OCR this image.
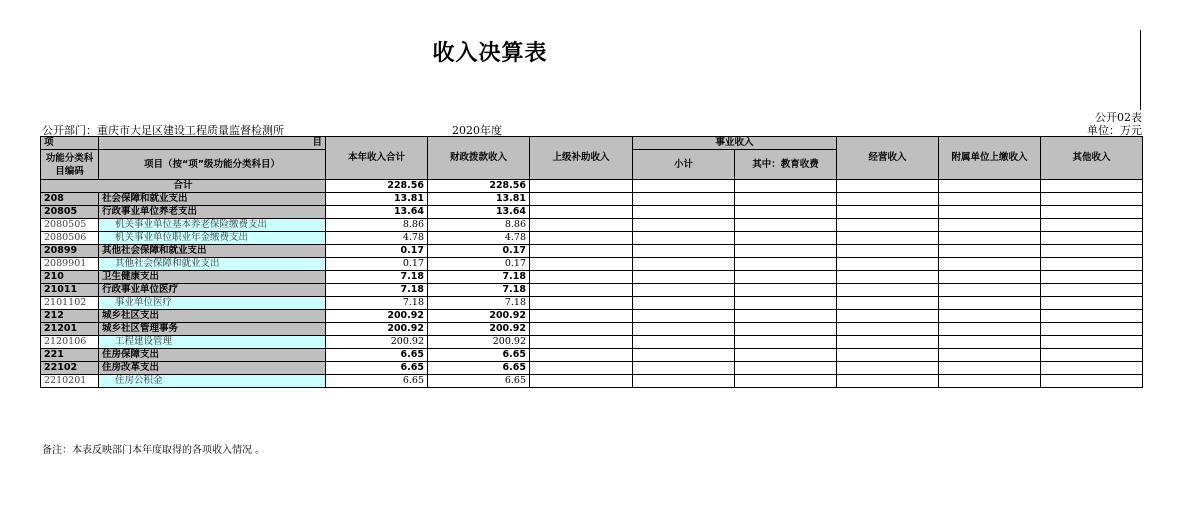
收入决算表
公开02表
公开部门：重庆市大足区建设工程质量监督检测所	2020年度	单位：万元
项	目	本年收入合计	财政拨款收入	上级补助收入	事业收入		经营收入	附属单位上缴收入	其他收入
功能分类科目编码	项目（按“项”级功能分类科目）								
					小计	其中：教育收费			
合计		228.56	228.56						
208	社会保障和就业支出	13.81	13.81						
20805	行政事业单位养老支出	13.64	13.64						
2080505	机关事业单位基本养老保险缴费支出	8.86	8.86						
2080506	机关事业单位职业年金缴费支出	4.78	4.78						
20899	其他社会保障和就业支出	0.17	0.17						
2089901	其他社会保障和就业支出	0.17	0.17						
210	卫生健康支出	7.18	7.18						
21011	行政事业单位医疗	7.18	7.18						
2101102	事业单位医疗	7.18	7.18						
212	城乡社区支出	200.92	200.92						
21201	城乡社区管理事务	200.92	200.92						
2120106	工程建设管理	200.92	200.92						
221	住房保障支出	6.65	6.65						
22102	住房改革支出	6.65	6.65						
2210201	住房公积金	6.65	6.65						
备注：本表反映部门本年度取得的各项收入情况 。
